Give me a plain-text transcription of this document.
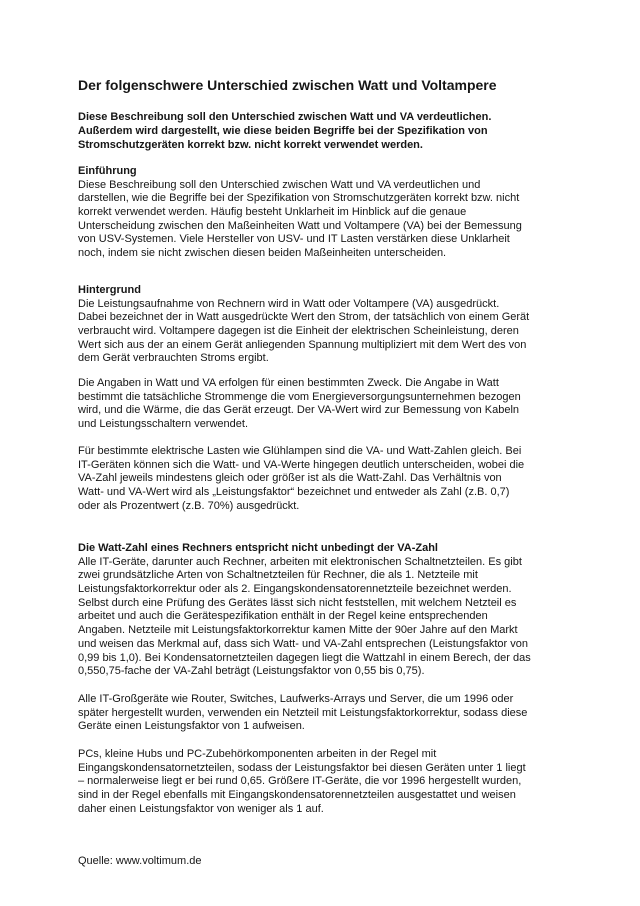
Der folgenschwere Unterschied zwischen Watt und Voltampere
Diese Beschreibung soll den Unterschied zwischen Watt und VA verdeutlichen.
Außerdem wird dargestellt, wie diese beiden Begriffe bei der Spezifikation von
Stromschutzgeräten korrekt bzw. nicht korrekt verwendet werden.
Einführung
Diese Beschreibung soll den Unterschied zwischen Watt und VA verdeutlichen und
darstellen, wie die Begriffe bei der Spezifikation von Stromschutzgeräten korrekt bzw. nicht
korrekt verwendet werden. Häufig besteht Unklarheit im Hinblick auf die genaue
Unterscheidung zwischen den Maßeinheiten Watt und Voltampere (VA) bei der Bemessung
von USV-Systemen. Viele Hersteller von USV- und IT Lasten verstärken diese Unklarheit
noch, indem sie nicht zwischen diesen beiden Maßeinheiten unterscheiden.
Hintergrund
Die Leistungsaufnahme von Rechnern wird in Watt oder Voltampere (VA) ausgedrückt.
Dabei bezeichnet der in Watt ausgedrückte Wert den Strom, der tatsächlich von einem Gerät
verbraucht wird. Voltampere dagegen ist die Einheit der elektrischen Scheinleistung, deren
Wert sich aus der an einem Gerät anliegenden Spannung multipliziert mit dem Wert des von
dem Gerät verbrauchten Stroms ergibt.
Die Angaben in Watt und VA erfolgen für einen bestimmten Zweck. Die Angabe in Watt
bestimmt die tatsächliche Strommenge die vom Energieversorgungsunternehmen bezogen
wird, und die Wärme, die das Gerät erzeugt. Der VA-Wert wird zur Bemessung von Kabeln
und Leistungsschaltern verwendet.
Für bestimmte elektrische Lasten wie Glühlampen sind die VA- und Watt-Zahlen gleich. Bei
IT-Geräten können sich die Watt- und VA-Werte hingegen deutlich unterscheiden, wobei die
VA-Zahl jeweils mindestens gleich oder größer ist als die Watt-Zahl. Das Verhältnis von
Watt- und VA-Wert wird als „Leistungsfaktor“ bezeichnet und entweder als Zahl (z.B. 0,7)
oder als Prozentwert (z.B. 70%) ausgedrückt.
Die Watt-Zahl eines Rechners entspricht nicht unbedingt der VA-Zahl
Alle IT-Geräte, darunter auch Rechner, arbeiten mit elektronischen Schaltnetzteilen. Es gibt
zwei grundsätzliche Arten von Schaltnetzteilen für Rechner, die als 1. Netzteile mit
Leistungsfaktorkorrektur oder als 2. Eingangskondensatorennetzteile bezeichnet werden.
Selbst durch eine Prüfung des Gerätes lässt sich nicht feststellen, mit welchem Netzteil es
arbeitet und auch die Gerätespezifikation enthält in der Regel keine entsprechenden
Angaben. Netzteile mit Leistungsfaktorkorrektur kamen Mitte der 90er Jahre auf den Markt
und weisen das Merkmal auf, dass sich Watt- und VA-Zahl entsprechen (Leistungsfaktor von
0,99 bis 1,0). Bei Kondensatornetzteilen dagegen liegt die Wattzahl in einem Berech, der das
0,550,75-fache der VA-Zahl beträgt (Leistungsfaktor von 0,55 bis 0,75).
Alle IT-Großgeräte wie Router, Switches, Laufwerks-Arrays und Server, die um 1996 oder
später hergestellt wurden, verwenden ein Netzteil mit Leistungsfaktorkorrektur, sodass diese
Geräte einen Leistungsfaktor von 1 aufweisen.
PCs, kleine Hubs und PC-Zubehörkomponenten arbeiten in der Regel mit
Eingangskondensatornetzteilen, sodass der Leistungsfaktor bei diesen Geräten unter 1 liegt
– normalerweise liegt er bei rund 0,65. Größere IT-Geräte, die vor 1996 hergestellt wurden,
sind in der Regel ebenfalls mit Eingangskondensatorennetzteilen ausgestattet und weisen
daher einen Leistungsfaktor von weniger als 1 auf.
Quelle: www.voltimum.de
